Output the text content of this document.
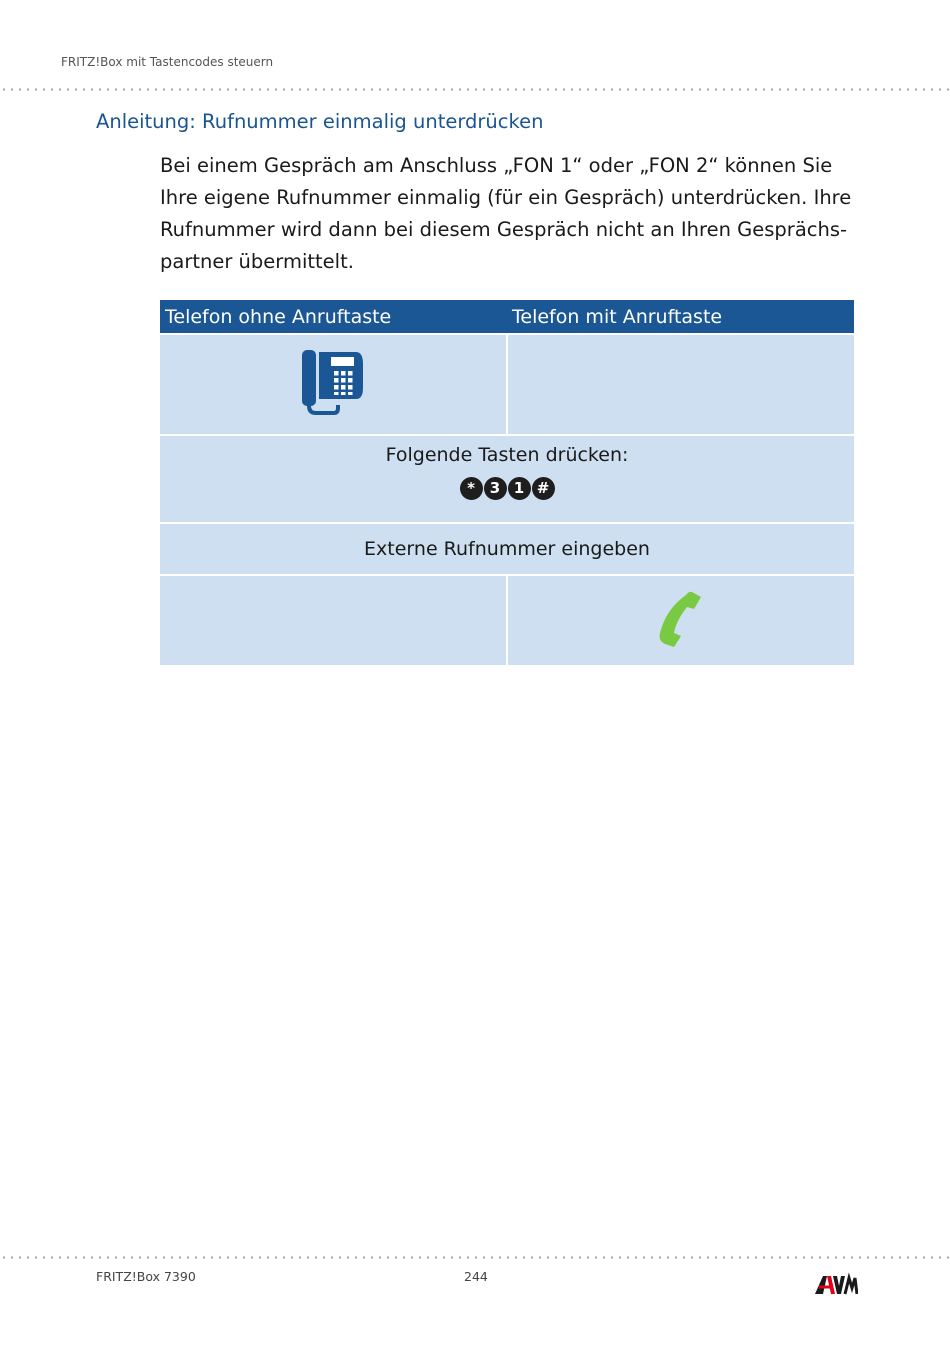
FRITZ!Box mit Tastencodes steuern
Anleitung: Rufnummer einmalig unterdrücken

Bei einem Gespräch am Anschluss „FON 1“ oder „FON 2“ können Sie

Ihre eigene Rufnummer einmalig (für ein Gespräch) unterdrücken. Ihre

Rufnummer wird dann bei diesem Gespräch nicht an Ihren Gesprächs-

partner übermittelt.

Telefon ohne Anruftaste	Telefon mit Anruftaste
Folgende Tasten drücken:
* 3 1 #
Externe Rufnummer eingeben
FRITZ!Box 7390	244
